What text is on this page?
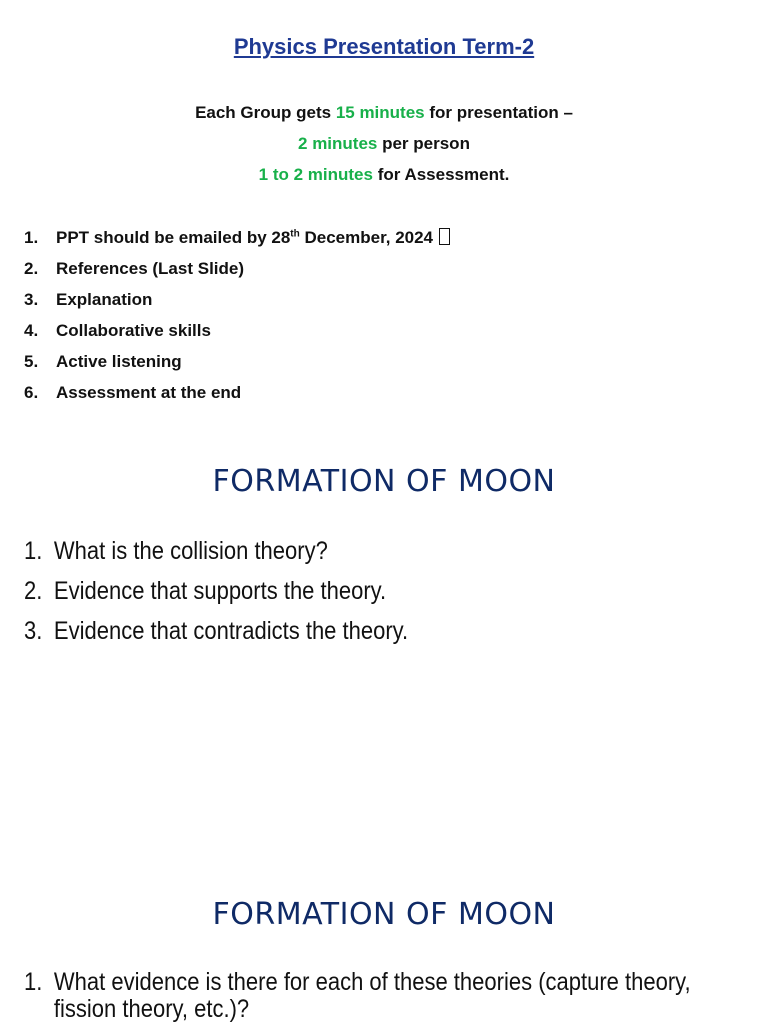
Physics Presentation Term-2
Each Group gets 15 minutes for presentation –
2 minutes per person
1 to 2 minutes for Assessment.
1.	PPT should be emailed by 28th December, 2024
2.	References (Last Slide)
3.	Explanation
4.	Collaborative skills
5.	Active listening
6.	Assessment at the end
FORMATION OF MOON
1. What is the collision theory?
2. Evidence that supports the theory.
3. Evidence that contradicts the theory.
FORMATION OF MOON
1. What evidence is there for each of these theories (capture theory, fission theory, etc.)?
